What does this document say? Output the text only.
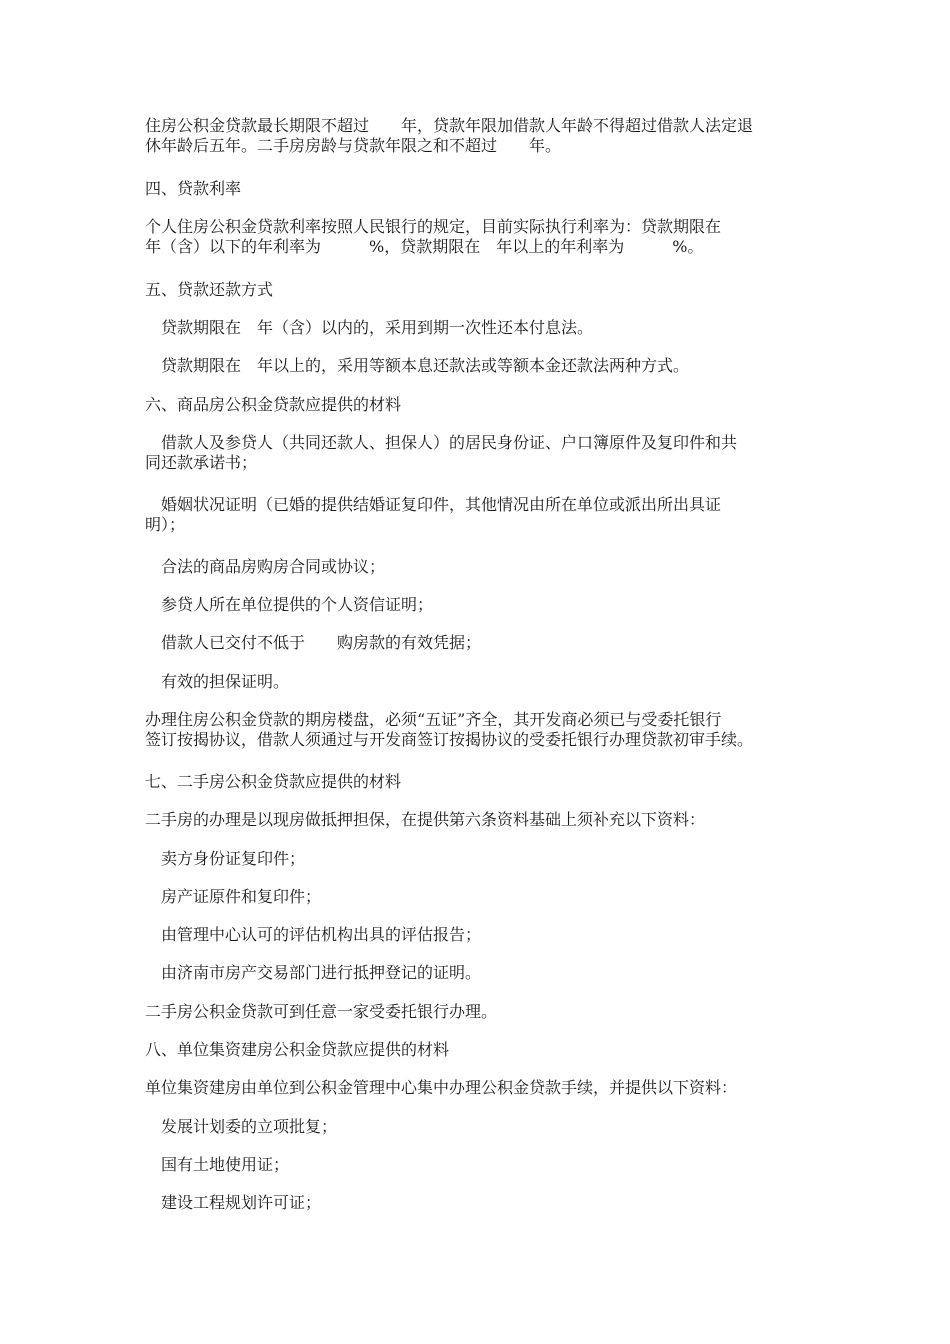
住房公积金贷款最长期限不超过　　年，贷款年限加借款人年龄不得超过借款人法定退
休年龄后五年。二手房房龄与贷款年限之和不超过　　年。

四、贷款利率

个人住房公积金贷款利率按照人民银行的规定，目前实际执行利率为：贷款期限在
年（含）以下的年利率为　　　%，贷款期限在　年以上的年利率为　　　%。

五、贷款还款方式

　贷款期限在　年（含）以内的，采用到期一次性还本付息法。

　贷款期限在　年以上的，采用等额本息还款法或等额本金还款法两种方式。

六、商品房公积金贷款应提供的材料

　借款人及参贷人（共同还款人、担保人）的居民身份证、户口簿原件及复印件和共
同还款承诺书；

　婚姻状况证明（已婚的提供结婚证复印件，其他情况由所在单位或派出所出具证
明）；

　合法的商品房购房合同或协议；

　参贷人所在单位提供的个人资信证明；

　借款人已交付不低于　　购房款的有效凭据；

　有效的担保证明。

办理住房公积金贷款的期房楼盘，必须“五证”齐全，其开发商必须已与受委托银行
签订按揭协议，借款人须通过与开发商签订按揭协议的受委托银行办理贷款初审手续。

七、二手房公积金贷款应提供的材料

二手房的办理是以现房做抵押担保，在提供第六条资料基础上须补充以下资料：

　卖方身份证复印件；

　房产证原件和复印件；

　由管理中心认可的评估机构出具的评估报告；

　由济南市房产交易部门进行抵押登记的证明。

二手房公积金贷款可到任意一家受委托银行办理。

八、单位集资建房公积金贷款应提供的材料

单位集资建房由单位到公积金管理中心集中办理公积金贷款手续，并提供以下资料：

　发展计划委的立项批复；

　国有土地使用证；

　建设工程规划许可证；
